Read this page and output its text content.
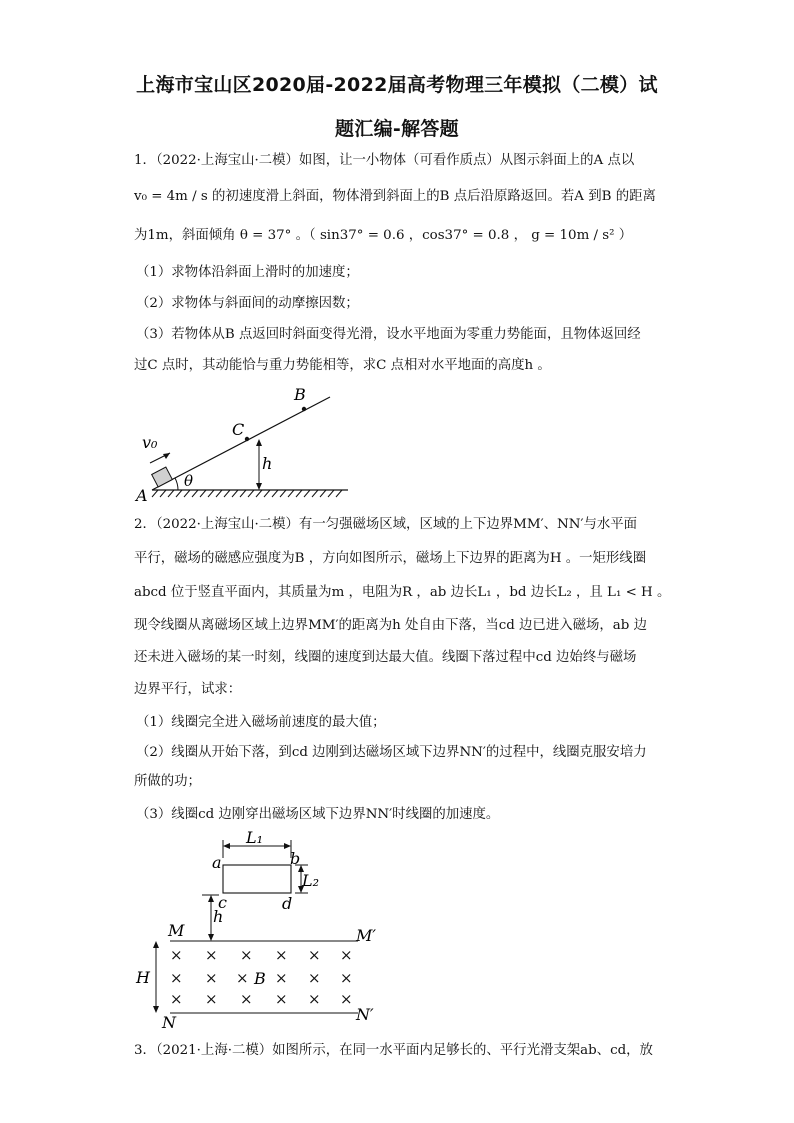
上海市宝山区2020届-2022届高考物理三年模拟（二模）试
题汇编-解答题
1．（2022·上海宝山·二模）如图，让一小物体（可看作质点）从图示斜面上的A 点以
v₀ = 4m / s 的初速度滑上斜面，物体滑到斜面上的B 点后沿原路返回。若A 到B 的距离
为1m，斜面倾角 θ = 37° 。（ sin37° = 0.6 ，cos37° = 0.8 ， g = 10m / s² ）
（1）求物体沿斜面上滑时的加速度；
（2）求物体与斜面间的动摩擦因数；
（3）若物体从B 点返回时斜面变得光滑，设水平地面为零重力势能面，且物体返回经
过C 点时，其动能恰与重力势能相等，求C 点相对水平地面的高度h 。
v₀
A
B
C
h
θ
2．（2022·上海宝山·二模）有一匀强磁场区域，区域的上下边界MM′、NN′与水平面
平行，磁场的磁感应强度为B ，方向如图所示，磁场上下边界的距离为H 。一矩形线圈
abcd 位于竖直平面内，其质量为m ，电阻为R ，ab 边长L₁ ，bd 边长L₂ ，且 L₁ < H 。
现令线圈从离磁场区域上边界MM′的距离为h 处自由下落，当cd 边已进入磁场，ab 边
还未进入磁场的某一时刻，线圈的速度到达最大值。线圈下落过程中cd 边始终与磁场
边界平行，试求：
（1）线圈完全进入磁场前速度的最大值；
（2）线圈从开始下落，到cd 边刚到达磁场区域下边界NN′的过程中，线圈克服安培力
所做的功；
（3）线圈cd 边刚穿出磁场区域下边界NN′时线圈的加速度。
× × × × × ×
× × × × × ×
× × × × × ×
a	b
c	d
L₁
L₂
h
M	M′
N	N′
H	B
3．（2021·上海·二模）如图所示，在同一水平面内足够长的、平行光滑支架ab、cd，放
